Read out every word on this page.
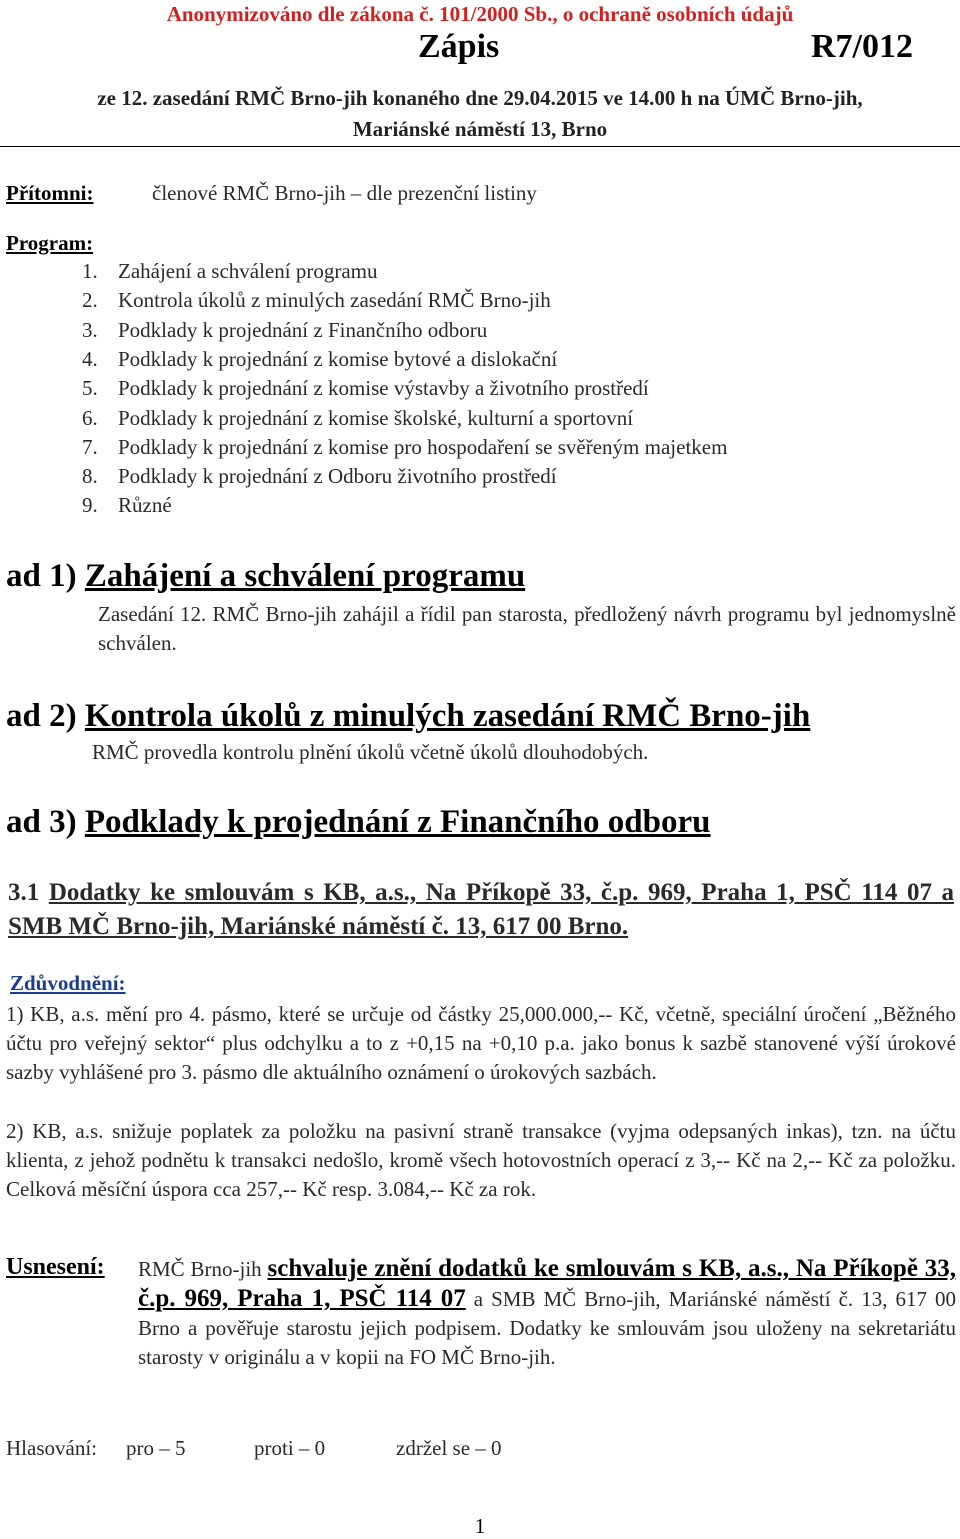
Anonymizováno dle zákona č. 101/2000 Sb., o ochraně osobních údajů
Zápis	R7/012
ze 12. zasedání RMČ Brno-jih konaného dne 29.04.2015 ve 14.00 h na ÚMČ Brno-jih,
Mariánské náměstí 13, Brno
Přítomni:	členové RMČ Brno-jih – dle prezenční listiny
Program:
1. Zahájení a schválení programu
2. Kontrola úkolů z minulých zasedání RMČ Brno-jih
3. Podklady k projednání z Finančního odboru
4. Podklady k projednání z komise bytové a dislokační
5. Podklady k projednání z komise výstavby a životního prostředí
6. Podklady k projednání z komise školské, kulturní a sportovní
7. Podklady k projednání z komise pro hospodaření se svěřeným majetkem
8. Podklady k projednání z Odboru životního prostředí
9. Různé
ad 1) Zahájení a schválení programu
Zasedání 12. RMČ Brno-jih zahájil a řídil pan starosta, předložený návrh programu byl jednomyslně schválen.
ad 2) Kontrola úkolů z minulých zasedání RMČ Brno-jih
RMČ provedla kontrolu plnění úkolů včetně úkolů dlouhodobých.
ad 3) Podklady k projednání z Finančního odboru
3.1 Dodatky ke smlouvám s KB, a.s., Na Příkopě 33, č.p. 969, Praha 1, PSČ 114 07 a SMB MČ Brno-jih, Mariánské náměstí č. 13, 617 00 Brno.
Zdůvodnění:
1) KB, a.s. mění pro 4. pásmo, které se určuje od částky 25,000.000,-- Kč, včetně, speciální úročení „Běžného účtu pro veřejný sektor“ plus odchylku a to z +0,15 na +0,10 p.a. jako bonus k sazbě stanovené výší úrokové sazby vyhlášené pro 3. pásmo dle aktuálního oznámení o úrokových sazbách.
2) KB, a.s. snižuje poplatek za položku na pasivní straně transakce (vyjma odepsaných inkas), tzn. na účtu klienta, z jehož podnětu k transakci nedošlo, kromě všech hotovostních operací z 3,-- Kč na 2,-- Kč za položku. Celková měsíční úspora cca 257,-- Kč resp. 3.084,-- Kč za rok.
Usnesení: RMČ Brno-jih schvaluje znění dodatků ke smlouvám s KB, a.s., Na Příkopě 33, č.p. 969, Praha 1, PSČ 114 07 a SMB MČ Brno-jih, Mariánské náměstí č. 13, 617 00 Brno a pověřuje starostu jejich podpisem. Dodatky ke smlouvám jsou uloženy na sekretariátu starosty v originálu a v kopii na FO MČ Brno-jih.
Hlasování: pro – 5	proti – 0	zdržel se – 0
1
